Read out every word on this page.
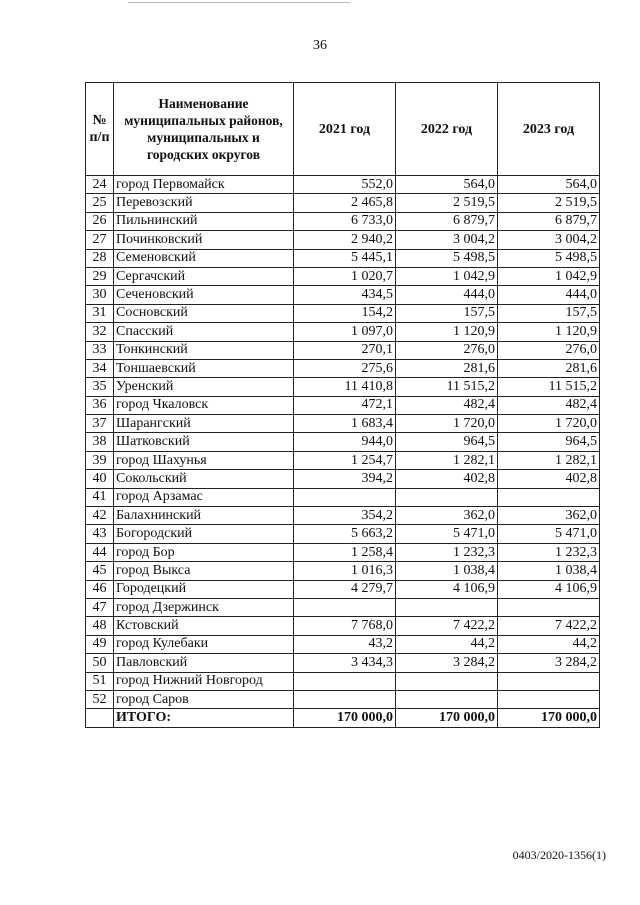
36
№ п/п	Наименование муниципальных районов, муниципальных и городских округов	2021 год	2022 год	2023 год
24	город Первомайск	552,0	564,0	564,0
25	Перевозский	2 465,8	2 519,5	2 519,5
26	Пильнинский	6 733,0	6 879,7	6 879,7
27	Починковский	2 940,2	3 004,2	3 004,2
28	Семеновский	5 445,1	5 498,5	5 498,5
29	Сергачский	1 020,7	1 042,9	1 042,9
30	Сеченовский	434,5	444,0	444,0
31	Сосновский	154,2	157,5	157,5
32	Спасский	1 097,0	1 120,9	1 120,9
33	Тонкинский	270,1	276,0	276,0
34	Тоншаевский	275,6	281,6	281,6
35	Уренский	11 410,8	11 515,2	11 515,2
36	город Чкаловск	472,1	482,4	482,4
37	Шарангский	1 683,4	1 720,0	1 720,0
38	Шатковский	944,0	964,5	964,5
39	город Шахунья	1 254,7	1 282,1	1 282,1
40	Сокольский	394,2	402,8	402,8
41	город Арзамас			
42	Балахнинский	354,2	362,0	362,0
43	Богородский	5 663,2	5 471,0	5 471,0
44	город Бор	1 258,4	1 232,3	1 232,3
45	город Выкса	1 016,3	1 038,4	1 038,4
46	Городецкий	4 279,7	4 106,9	4 106,9
47	город Дзержинск			
48	Кстовский	7 768,0	7 422,2	7 422,2
49	город Кулебаки	43,2	44,2	44,2
50	Павловский	3 434,3	3 284,2	3 284,2
51	город Нижний Новгород			
52	город Саров			
	ИТОГО:	170 000,0	170 000,0	170 000,0
0403/2020-1356(1)
